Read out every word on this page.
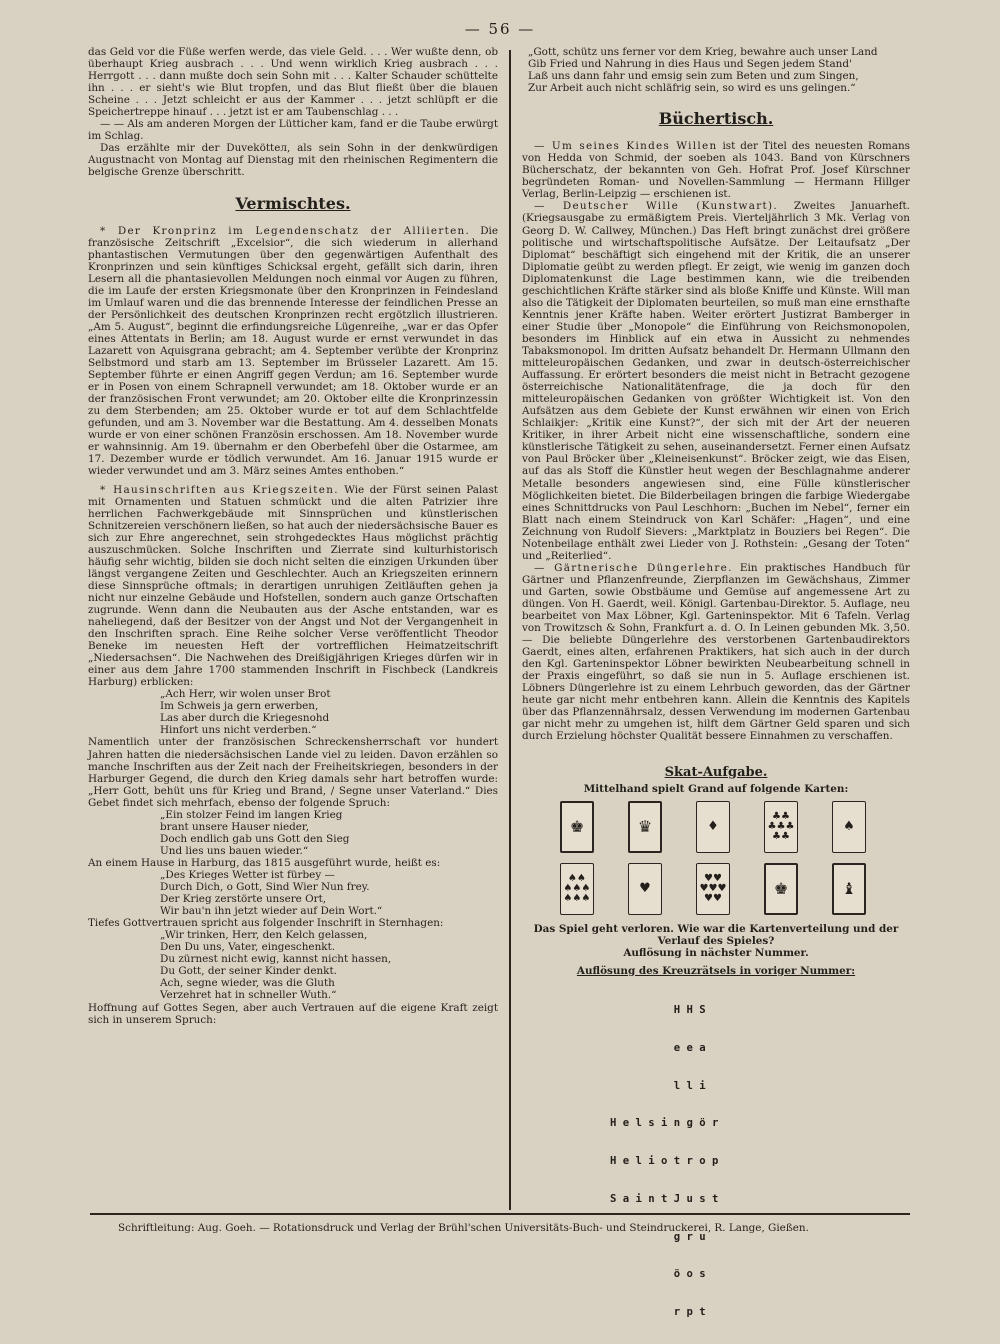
— 56 —

das Geld vor die Füße werfen werde, das viele Geld. . . . Wer wußte denn, ob überhaupt Krieg ausbrach . . . Und wenn wirklich Krieg ausbrach . . . Herrgott . . . dann mußte doch sein Sohn mit . . . Kalter Schauder schüttelte ihn . . . er sieht's wie Blut tropfen, und das Blut fließt über die blauen Scheine . . . Jetzt schleicht er aus der Kammer . . . jetzt schlüpft er die Speichertreppe hinauf . . . jetzt ist er am Taubenschlag . . .

— — Als am anderen Morgen der Lütticher kam, fand er die Taube erwürgt im Schlag.

Das erzählte mir der Duvekötteл, als sein Sohn in der denkwürdigen Augustnacht von Montag auf Dienstag mit den rheinischen Regimentern die belgische Grenze überschritt.

Vermischtes.

* Der Kronprinz im Legendenschatz der Alliierten. Die französische Zeitschrift „Excelsior“, die sich wiederum in allerhand phantastischen Vermutungen über den gegenwärtigen Aufenthalt des Kronprinzen und sein künftiges Schicksal ergeht, gefällt sich darin, ihren Lesern all die phantasievollen Meldungen noch einmal vor Augen zu führen, die im Laufe der ersten Kriegsmonate über den Kronprinzen in Feindesland im Umlauf waren und die das brennende Interesse der feindlichen Presse an der Persönlichkeit des deutschen Kronprinzen recht ergötzlich illustrieren. „Am 5. August“, beginnt die erfindungsreiche Lügenreihe, „war er das Opfer eines Attentats in Berlin; am 18. August wurde er ernst verwundet in das Lazarett von Aquisgrana gebracht; am 4. September verübte der Kronprinz Selbstmord und starb am 13. September im Brüsseler Lazarett. Am 15. September führte er einen Angriff gegen Verdun; am 16. September wurde er in Posen von einem Schrapnell verwundet; am 18. Oktober wurde er an der französischen Front verwundet; am 20. Oktober eilte die Kronprinzessin zu dem Sterbenden; am 25. Oktober wurde er tot auf dem Schlachtfelde gefunden, und am 3. November war die Bestattung. Am 4. desselben Monats wurde er von einer schönen Französin erschossen. Am 18. November wurde er wahnsinnig. Am 19. übernahm er den Oberbefehl über die Ostarmee, am 17. Dezember wurde er tödlich verwundet. Am 16. Januar 1915 wurde er wieder verwundet und am 3. März seines Amtes enthoben.“

* Hausinschriften aus Kriegszeiten. Wie der Fürst seinen Palast mit Ornamenten und Statuen schmückt und die alten Patrizier ihre herrlichen Fachwerkgebäude mit Sinnsprüchen und künstlerischen Schnitzereien verschönern ließen, so hat auch der niedersächsische Bauer es sich zur Ehre angerechnet, sein strohgedecktes Haus möglichst prächtig auszuschmücken. Solche Inschriften und Zierrate sind kulturhistorisch häufig sehr wichtig, bilden sie doch nicht selten die einzigen Urkunden über längst vergangene Zeiten und Geschlechter. Auch an Kriegszeiten erinnern diese Sinnsprüche oftmals; in derartigen unruhigen Zeitläuften gehen ja nicht nur einzelne Gebäude und Hofstellen, sondern auch ganze Ortschaften zugrunde. Wenn dann die Neubauten aus der Asche entstanden, war es naheliegend, daß der Besitzer von der Angst und Not der Vergangenheit in den Inschriften sprach. Eine Reihe solcher Verse veröffentlicht Theodor Beneke im neuesten Heft der vortrefflichen Heimatzeitschrift „Niedersachsen“. Die Nachwehen des Dreißigjährigen Krieges dürfen wir in einer aus dem Jahre 1700 stammenden Inschrift in Fischbeck (Landkreis Harburg) erblicken:

„Ach Herr, wir wolen unser Brot
Im Schweis ja gern erwerben,
Las aber durch die Kriegesnohd
Hinfort uns nicht verderben.“

Namentlich unter der französischen Schreckensherrschaft vor hundert Jahren hatten die niedersächsischen Lande viel zu leiden. Davon erzählen so manche Inschriften aus der Zeit nach der Freiheitskriegen, besonders in der Harburger Gegend, die durch den Krieg damals sehr hart betroffen wurde: „Herr Gott, behüt uns für Krieg und Brand, / Segne unser Vaterland.“ Dies Gebet findet sich mehrfach, ebenso der folgende Spruch:

„Ein stolzer Feind im langen Krieg
brant unsere Hauser nieder,
Doch endlich gab uns Gott den Sieg
Und lies uns bauen wieder.“

An einem Hause in Harburg, das 1815 ausgeführt wurde, heißt es:

„Des Krieges Wetter ist fürbey —
Durch Dich, o Gott, Sind Wier Nun frey.
Der Krieg zerstörte unsere Ort,
Wir bau'n ihn jetzt wieder auf Dein Wort.“

Tiefes Gottvertrauen spricht aus folgender Inschrift in Sternhagen:

„Wir trinken, Herr, den Kelch gelassen,
Den Du uns, Vater, eingeschenkt.
Du zürnest nicht ewig, kannst nicht hassen,
Du Gott, der seiner Kinder denkt.
Ach, segne wieder, was die Gluth
Verzehret hat in schneller Wuth.“

Hoffnung auf Gottes Segen, aber auch Vertrauen auf die eigene Kraft zeigt sich in unserem Spruch:

„Gott, schütz uns ferner vor dem Krieg, bewahre auch unser Land
Gib Fried und Nahrung in dies Haus und Segen jedem Stand'
Laß uns dann fahr und emsig sein zum Beten und zum Singen,
Zur Arbeit auch nicht schläfrig sein, so wird es uns gelingen.“
Büchertisch.

— Um seines Kindes Willen ist der Titel des neuesten Romans von Hedda von Schmid, der soeben als 1043. Band von Kürschners Bücherschatz, der bekannten von Geh. Hofrat Prof. Josef Kürschner begründeten Roman- und Novellen-Sammlung — Hermann Hillger Verlag, Berlin-Leipzig — erschienen ist.

— Deutscher Wille (Kunstwart). Zweites Januarheft. (Kriegsausgabe zu ermäßigtem Preis. Vierteljährlich 3 Mk. Verlag von Georg D. W. Callwey, München.) Das Heft bringt zunächst drei größere politische und wirtschaftspolitische Aufsätze. Der Leitaufsatz „Der Diplomat“ beschäftigt sich eingehend mit der Kritik, die an unserer Diplomatie geübt zu werden pflegt. Er zeigt, wie wenig im ganzen doch Diplomatenkunst die Lage bestimmen kann, wie die treibenden geschichtlichen Kräfte stärker sind als bloße Kniffe und Künste. Will man also die Tätigkeit der Diplomaten beurteilen, so muß man eine ernsthafte Kenntnis jener Kräfte haben. Weiter erörtert Justizrat Bamberger in einer Studie über „Monopole“ die Einführung von Reichsmonopolen, besonders im Hinblick auf ein etwa in Aussicht zu nehmendes Tabaksmonopol. Im dritten Aufsatz behandelt Dr. Hermann Ullmann den mitteleuropäischen Gedanken, und zwar in deutsch-österreichischer Auffassung. Er erörtert besonders die meist nicht in Betracht gezogene österreichische Nationalitätenfrage, die ja doch für den mitteleuropäischen Gedanken von größter Wichtigkeit ist. Von den Aufsätzen aus dem Gebiete der Kunst erwähnen wir einen von Erich Schlaikjer: „Kritik eine Kunst?“, der sich mit der Art der neueren Kritiker, in ihrer Arbeit nicht eine wissenschaftliche, sondern eine künstlerische Tätigkeit zu sehen, auseinandersetzt. Ferner einen Aufsatz von Paul Bröcker über „Kleineisenkunst“. Bröcker zeigt, wie das Eisen, auf das als Stoff die Künstler heut wegen der Beschlagnahme anderer Metalle besonders angewiesen sind, eine Fülle künstlerischer Möglichkeiten bietet. Die Bilderbeilagen bringen die farbige Wiedergabe eines Schnittdrucks von Paul Leschhorn: „Buchen im Nebel“, ferner ein Blatt nach einem Steindruck von Karl Schäfer: „Hagen“, und eine Zeichnung von Rudolf Sievers: „Marktplatz in Bouziers bei Regen“. Die Notenbeilage enthält zwei Lieder von J. Rothstein: „Gesang der Toten“ und „Reiterlied“.

— Gärtnerische Düngerlehre. Ein praktisches Handbuch für Gärtner und Pflanzenfreunde, Zierpflanzen im Gewächshaus, Zimmer und Garten, sowie Obstbäume und Gemüse auf angemessene Art zu düngen. Von H. Gaerdt, weil. Königl. Gartenbau-Direktor. 5. Auflage, neu bearbeitet von Max Löbner, Kgl. Garteninspektor. Mit 6 Tafeln. Verlag von Trowitzsch & Sohn, Frankfurt a. d. O. In Leinen gebunden Mk. 3,50. — Die beliebte Düngerlehre des verstorbenen Gartenbaudirektors Gaerdt, eines alten, erfahrenen Praktikers, hat sich auch in der durch den Kgl. Garteninspektor Löbner bewirkten Neubearbeitung schnell in der Praxis eingeführt, so daß sie nun in 5. Auflage erschienen ist. Löbners Düngerlehre ist zu einem Lehrbuch geworden, das der Gärtner heute gar nicht mehr entbehren kann. Allein die Kenntnis des Kapitels über das Pflanzennährsalz, dessen Verwendung im modernen Gartenbau gar nicht mehr zu umgehen ist, hilft dem Gärtner Geld sparen und sich durch Erzielung höchster Qualität bessere Einnahmen zu verschaffen.

Skat-Aufgabe.
Mittelhand spielt Grand auf folgende Karten:
♚	♛	♦
♣♣
♣♣♣
♣♣
♠
♠♠
♠♠♠
♠♠♠
♥
♥♥
♥♥♥
♥♥
♚	♝
Das Spiel geht verloren. Wie war die Kartenverteilung und der Verlauf des Spieles?
Auflösung in nächster Nummer.
Auflösung des Kreuzrätsels in voriger Nummer:

H H S

e e a

l l i

H e l s i n g ö r

H e l i o t r o p

S a i n t J u s t

g r u

ö o s

r p t

Schriftleitung: Aug. Goeh. — Rotationsdruck und Verlag der Brühl'schen Universitäts-Buch- und Steindruckerei, R. Lange, Gießen.
